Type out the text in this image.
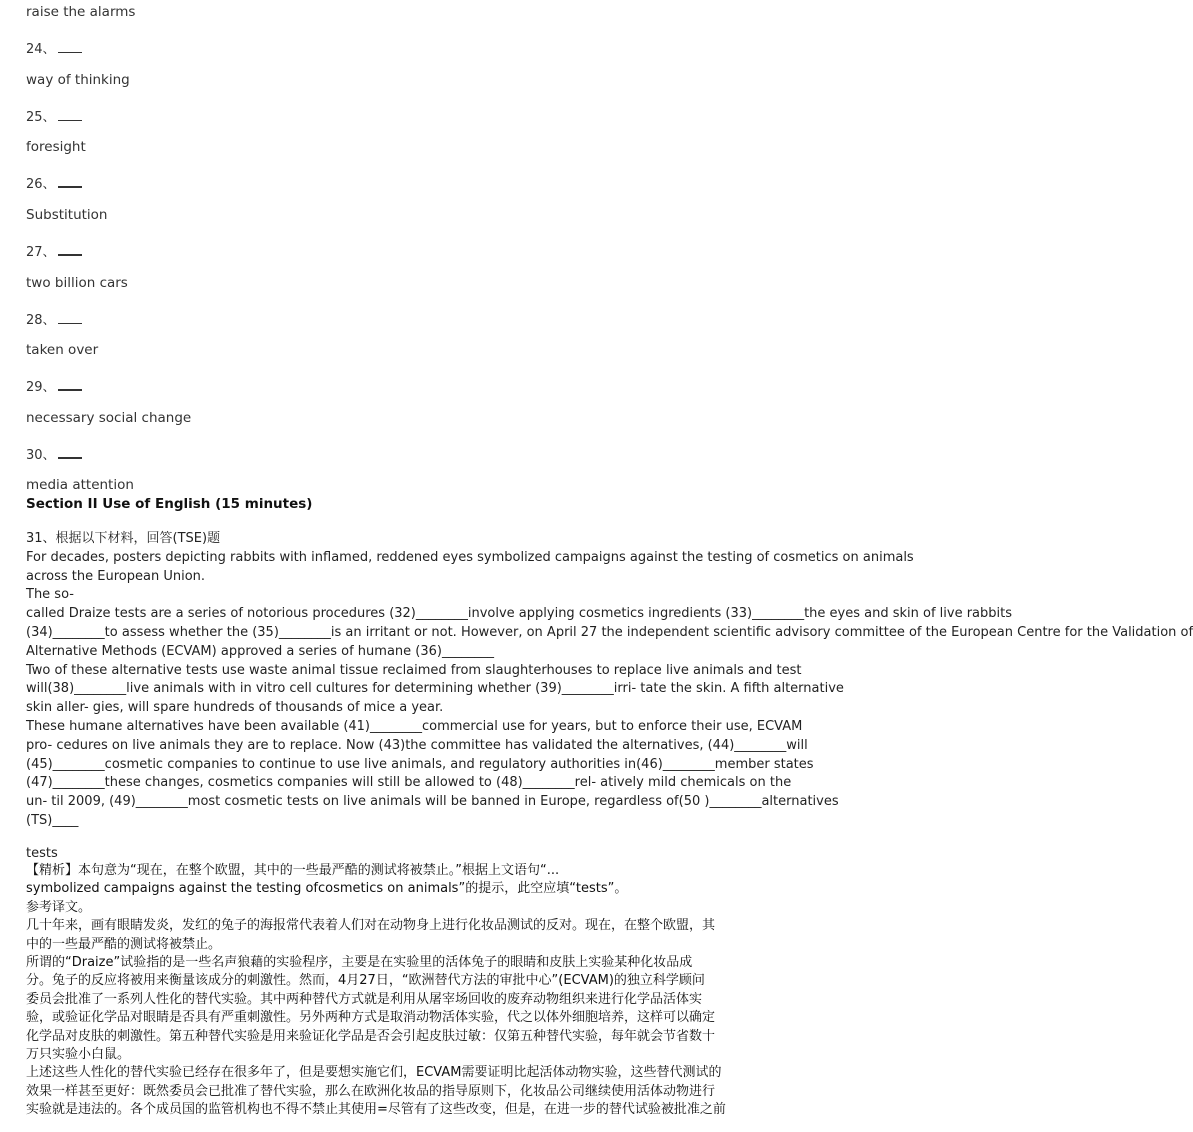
raise the alarms
24、
way of thinking
25、
foresight
26、
Substitution
27、
two billion cars
28、
taken over
29、
necessary social change
30、
media attention
Section II Use of English (15 minutes)
31、根据以下材料，回答(TSE)题
For decades, posters depicting rabbits with inflamed, reddened eyes symbolized campaigns against the testing of cosmetics on animals
across the European Union.
The so-
called Draize tests are a series of notorious procedures (32)________involve applying cosmetics ingredients (33)________the eyes and skin of live rabbits
(34)________to assess whether the (35)________is an irritant or not. However, on April 27 the independent scientific advisory committee of the European Centre for the Validation of
Alternative Methods (ECVAM) approved a series of humane (36)________
Two of these alternative tests use waste animal tissue reclaimed from slaughterhouses to replace live animals and test
will(38)________live animals with in vitro cell cultures for determining whether (39)________irri- tate the skin. A fifth alternative
skin aller- gies, will spare hundreds of thousands of mice a year.
These humane alternatives have been available (41)________commercial use for years, but to enforce their use, ECVAM
pro- cedures on live animals they are to replace. Now (43)the committee has validated the alternatives, (44)________will
(45)________cosmetic companies to continue to use live animals, and regulatory authorities in(46)________member states
(47)________these changes, cosmetics companies will still be allowed to (48)________rel- atively mild chemicals on the
un- til 2009, (49)________most cosmetic tests on live animals will be banned in Europe, regardless of(50 )________alternatives
(TS)____
tests
【精析】本句意为“现在，在整个欧盟，其中的一些最严酷的测试将被禁止。”根据上文语句“...
symbolized campaigns against the testing ofcosmetics on animals”的提示，此空应填“tests”。
参考译文。
几十年来，画有眼睛发炎，发红的兔子的海报常代表着人们对在动物身上进行化妆品测试的反对。现在，在整个欧盟，其
中的一些最严酷的测试将被禁止。
所谓的“Draize”试验指的是一些名声狼藉的实验程序，主要是在实验里的活体兔子的眼睛和皮肤上实验某种化妆品成
分。兔子的反应将被用来衡量该成分的刺激性。然而，4月27日，“欧洲替代方法的审批中心”(ECVAM)的独立科学顾问
委员会批准了一系列人性化的替代实验。其中两种替代方式就是利用从屠宰场回收的废弃动物组织来进行化学品活体实
验，或验证化学品对眼睛是否具有严重刺激性。另外两种方式是取消动物活体实验，代之以体外细胞培养，这样可以确定
化学品对皮肤的刺激性。第五种替代实验是用来验证化学品是否会引起皮肤过敏：仅第五种替代实验，每年就会节省数十
万只实验小白鼠。
上述这些人性化的替代实验已经存在很多年了，但是要想实施它们，ECVAM需要证明比起活体动物实验，这些替代测试的
效果一样甚至更好：既然委员会已批准了替代实验，那么在欧洲化妆品的指导原则下，化妆品公司继续使用活体动物进行
实验就是违法的。各个成员国的监管机构也不得不禁止其使用=尽管有了这些改变，但是，在进一步的替代试验被批准之前
